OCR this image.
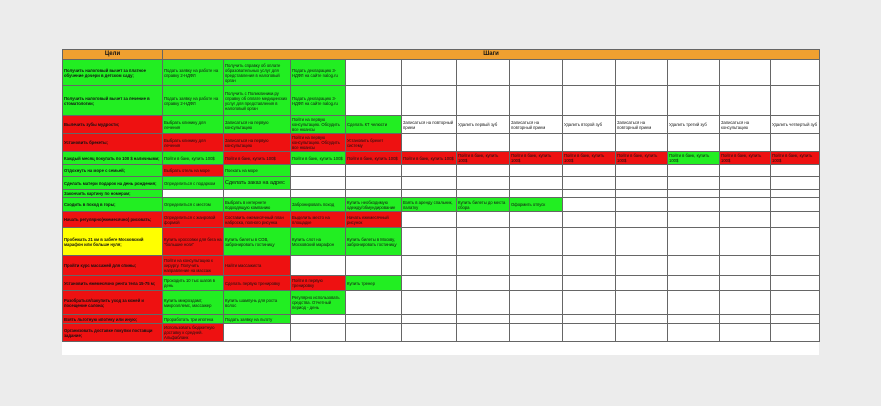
Цели	Шаги											
Получить налоговый вычет за платное обучение дочери в детском саду;	Подать заявку на работе на справку 2-НДФЛ	Получить справку об оплате образовательных услуг для представления в налоговый орган	Подать декларацию 3-НДФЛ на сайте nalog.ru									
Получить налоговый вычет за лечение в стоматологии;	Подать заявку на работе на справку 2-НДФЛ	Получить с Поликлиники.ру справку об оплате медицинских услуг для представления в налоговый орган	Подать декларацию 3-НДФЛ на сайте nalog.ru									
Вылечить зубы мудрости;	Выбрать клинику для лечения	Записаться на первую консультацию	Пойти на первую консультацию. Обсудить все нюансы	Сделать КТ челюсти	Записаться на повторный прием	Удалить первый зуб	Записаться на повторный прием	Удалить второй зуб	Записаться на повторный прием	Удалить третий зуб	Записаться на консультацию	Удалить четвертый зуб
Установить брекеты;	Выбрать клинику для лечения	Записаться на первую консультацию	Пойти на первую консультацию. Обсудить все нюансы	Установить брекет систему								
Каждый месяц покупать по 100 $ наличными;	Пойти в банк, купить 100$	Пойти в банк, купить 100$	Пойти в банк, купить 100$	Пойти в банк, купить 100$	Пойти в банк, купить 100$	Пойти в банк, купить 100$	Пойти в банк, купить 100$	Пойти в банк, купить 100$	Пойти в банк, купить 100$	Пойти в банк, купить 100$	Пойти в банк, купить 100$	Пойти в банк, купить 100$
Отдохнуть на море с семьей;	Выбрать отель на море	Поехать на море										
Сделать матери подарок на день рождения;	Определиться с подарком	Сделать заказ на адрес										
Закончить картину по номерам;												
Сходить в поход в горы;	Определиться с местом	Выбрать в интернете подходящую компанию	Забронировать поход	Купить необходимую одежду/обмундирование	Взять в аренду спальник, палатку	Купить билеты до места сбора	Оформить отпуск					
Начать регулярно(ежемесячно) рисовать;	Определиться с жанровой формой	Составить ежемесячный план наброска, полного рисунка	Выделить место на площадке	Начать ежемесячный рисунок								
Пробежать 21 км в забеге Московский марафон или больше нуля;	Купить кроссовки для бега на "большие ноги"	Купить билеты в СОВ, забронировать гостиницу	Купить слот на Московский марафон	Купить билеты в Москву, забронировать гостиницу								
Пройти курс массажей для спины;	Пойти на консультацию к хирургу. Получить направление на массаж	Найти массажиста										
Установить ежемесячно рента тела 15-75 м;	Проходить 10 тыс шагов в день	Сделать первую тренировку	Пойти в первую тренировку	Купить тренер								
Разобраться/закупить уход за кожей и посещение салона;	Купить микроэдамт, микроэллемс, массажер	Купить шампунь для роста волос	Регулярно использовать средства. Отчетный период - день									
Взять льготную ипотеку или иную;	Проработать три ипотека	Подать заявку на льготу										
Организовать доставке покупки поставщи задание;	Использовать бюджетную доставку к средней. Альфабланк											
